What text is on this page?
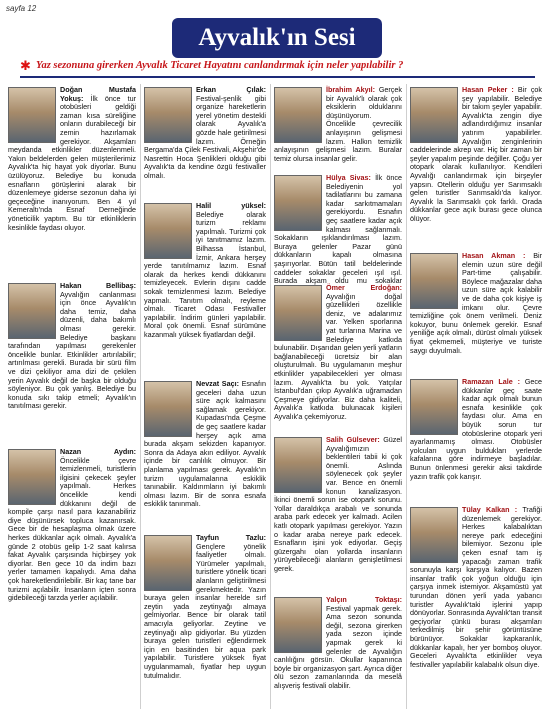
sayfa 12
Ayvalık'ın Sesi
✱ Yaz sezonuna girerken Ayvalık Ticaret Hayatını canlandırmak için neler yapılabilir ?
Doğan Mustafa Yokuş: İlk önce tur otobüsleri geldiği zaman kısa süreliğine onların durabileceği bir zemin hazırlamak gerekiyor. Akşamları meydanda etkinlikler düzenlenmeli. Yakın beldelerden gelen müşterilerimiz Ayvalık'ta hiç hayat yok diyorlar. Bunu üzülüyoruz. Belediye bu konuda esnafların görüşlerini alarak bir düzenlemeye giderse sezonun daha iyi geçeceğine inanıyorum. Ben 4 yıl Kemeraltı'nda Esnaf Derneğinde yöneticilik yaptım. Bu tür etkinliklerin kesinlikle faydası oluyor.
Hakan Bellibaş: Ayvalığın canlanması için önce Ayvalık'ın daha temiz, daha düzenli, daha bakımlı olması gerekir. Belediye başkanı tarafından yapılması gerekenler öncelikle bunlar. Etkinlikler artırılabilir; artırılması gerekli. Burada bir sürü film ve dizi çekiliyor ama dizi de çekilen yerin Ayvalık değil de başka bir olduğu söyleniyor. Bu çok yanlış. Belediye bu konuda sıkı takip etmeli; Ayvalık'ın tanıtılması gerekir.
Nazan Aydın: Öncelikle çevre temizlenmeli, turistlerin ilgisini çekecek şeyler yapılmalı. Herkes öncelikle kendi dükkanını değil de kompile çarşı nasıl para kazanabiliriz diye düşünürsek topluca kazanırsak. Gece bir de hesaplaşma olmak üzere herkes dükkanlar açık olmalı. Ayvalık'a günde 2 otobüs gelip 1-2 saat kalırsa fakat Ayvalık çarşısında hiçbirşey yok diyorlar. Ben gece 10 da indim bazı yerler tamamen kapalıydı. Ama daha çok hareketlendirilebilir. Bir kaç tane bar turizmi açılabilir. İnsanların içten sonra gidebileceği tarzda yerler açılabilir.
Erkan Çılak: Festival-şenlik gibi organize hareketlerin yerel yönetim destekli olarak Ayvalık'a gözde hale getirilmesi lazım. Örneğin Bergama'da Çilek Festivali, Akşehir'de Nasrettin Hoca Şenlikleri olduğu gibi Ayvalık'ta da kendine özgü festivaller olmalı.
Halil yüksel: Belediye olarak turizm reklamı yapılmalı. Turizmi çok iyi tanıtmamız lazım. Bilhassa İstanbul, İzmir, Ankara herşey yerde tanıtılmamız lazım. Esnaf olarak da herkes kendi dükkanını temizleyecek. Evlerin dışını cadde sokak temizlenmesi lazım. Belediye yapmalı. Tanıtım olmalı, reyleme olmalı. Ticaret Odası Festivaller yapılabilir. İndirim günleri yapılabilir. Moral çok önemli. Esnaf sürümüne kazanmalı yüksek fiyatlardan değil.
Nevzat Saçı: Esnafın geceleri daha uzun süre açık kalmasını sağlamak gerekiyor. Kupadası'nda Çeşme de geç saatlere kadar herşey açık ama burada akşam sekizden kapanıyor. Sonra da Adaya akın ediliyor. Ayvalık içinde bir canlılık olmuyor. Bir planlama yapılması gerek. Ayvalık'ın turizm uygulamalarına eskiklik tanınabilir. Kaldırımların iyi bakımlı olması lazım. Bir de sonra esnafa eskiklik tanınmalı.
Tayfun Tazlu: Gençlere yönelik faaliyetler olmalı. Yürümeler yapılmalı, turistlere yönelik ticari alanların geliştirilmesi gerekmektedir. Yazın buraya gelen insanlar herelde sırf zeytin yada zeytinyağı almaya gelmiyorlar. Bence bir olarak tatil amacıyla geliyorlar. Zeytine ve zeytinyağı alıp gidiyorlar. Bu yüzden buraya gelen turistleri eğlendirmek için en basitinden bir aqua park yapılabilir. Turistlere yüksek fiyat uygulanmamalı, fiyatlar hep uygun tutulmalıdır.
İbrahim Akyıl: Gerçek bir Ayvalık'lı olarak çok eksiklerin olduklarını düşünüyorum. Öncelikle çevrecilik anlayışının gelişmesi lazım. Halkın temizlik anlayışının gelişmesi lazım. Buralar temiz olursa insanlar gelir.
Hülya Sivas: İlk önce Belediyenin yol tadilatlarını bu zamana kadar sarkıtmamaları gerekiyordu. Esnafın geç saatlere kadar açık kalması sağlanmalı. Sokakların ışıklandırılması lazım. Buraya gelenler Pazar günü dükkanların kapalı olmasına şaşırıyorlar. Bütün tatil beldelerinde caddeler sokaklar geceleri ışıl ışıl. Burada akşam oldu mu sokaklar
Ömer Erdoğan: Ayvalığın doğal güzellikleri özellikle deniz, ve adalarımız var. Yelken sporlarına yat turlarına Marina ve Belediye katkıda bulunabilir. Dışarıdan gelen yerli yatların bağlanabileceği ücretsiz bir alan oluşturulmalı. Bu uygulamanın meşhur etkinlikler yapabilecekleri yer olması lazım. Ayvalık'ta bu yok. Yatçılar İstanbul'dan çıkıp Ayvalık'a uğramadan Çeşmeye gidiyorlar. Biz daha kaliteli, Ayvalık'a katkıda bulunacak kişileri Ayvalık'a çekemiyoruz.
Salih Gülsever: Güzel Ayvalığımızın beklentileri tabii ki çok önemli. Aslında söylenecek çok şeyler var. Bence en önemli konun kanalizasyon. İkinci önemli sorun ise otopark sorunu. Yollar daraldıkça arabalı ve sonunda araba park edecek yer kalmadı. Acilen katlı otopark yapılması gerekiyor. Yazın o kadar araba nereye park edecek. Esnafların işini yok ediyorlar. Geçiş güzergahı olan yollarda insanların yürüyebileceği alanların genişletilmesi gerek.
Yalçın Toktaşı: Festival yapmak gerek. Ama sezon sonunda değil, sezona girerken yada sezon içinde yapmak gerek ki gelenler de Ayvalığın canlılığını görsün. Okullar kapanınca böyle bir organizasyon şart. Ayrıca diğer ölü sezon zamanlarında da meselâ alışveriş festivali olabilir.
Hasan Peker : Bir çok şey yapılabilir. Belediye bir takım şeyler yapabilir. Ayvalık'ta zengin diye adlandırdığımız insanlar yatırım yapabilirler. Ayvalığın zenginlerinin caddelerinde akrep var. Hiç bir zaman bir şeyler yapalım peşinde değiller. Çoğu yer otopark olarak kullanılıyor. Kendileri Ayvalığı canlandırmak için birşeyler yapsın. Otellerin olduğu yer Sarımsaklı gelen turistler Sarımsaklı'da kalıyor. Ayvalık la Sarımsaklı çok farklı. Orada dükkanlar gece açık burası gece olunca ölüyor.
Hasan Akman : Bir elemin uzun süre değil Part-time çalışabilir. Böylece mağazalar daha uzun süre açık kalabilir ve de daha çok kişiye iş imkanı olur. Çevre temizliğine çok önem verilmeli. Deniz kokuyor, bunu önlemek gerekir. Esnaf yeniliğe açık olmalı, dürüst olmalı yüksek fiyat çekmemeli, müşteriye ve turiste saygı duyulmalı.
Ramazan Lale : Gece dükkanlar geç saate kadar açık olmalı bunun esnafa kesinlikle çok faydası olur. Ama en büyük sorun tur otobüslerine otopark yeri ayarlanmamış olması. Otobüsler yolcuları uygun buldukları yerlerde kafalarına göre indirmeye başladılar. Bunun önlenmesi gerekir aksi takdirde yazın trafik çok karışır.
Tülay Kalkan : Trafiği düzenlemek gerekiyor. Herkes kalabalıktan nereye park edeceğini bilemiyor. Sezonu iple çeken esnaf tam iş yapacağı zaman trafik sorunuyla karşı karşıya kalıyor. Bazen insanlar trafik çok yoğun olduğu için çarşıya inmek istemiyor. Akşamüstü yat turundan dönen yerli yada yabancı turistler Ayvalık'taki işlerini yapıp dönüyorlar. Sonrasında Ayvalık'tan transit geçiyorlar çünkü burası akşamları terkedilmiş bir şehir görüntüsüne bürünüyor. Sokaklar kapkaranlık, dükkanlar kapalı, her yer bomboş oluyor. Geceleri Ayvalık'ta etkinlikler veya festivaller yapılabilir kalabalık olsun diye.
